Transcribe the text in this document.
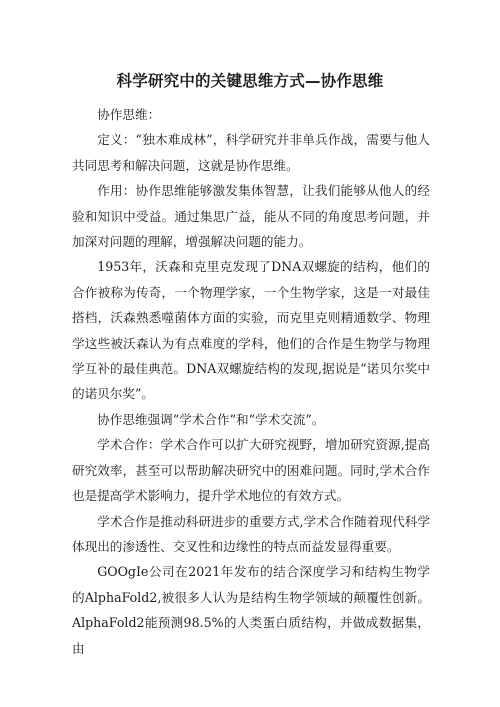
科学研究中的关键思维方式—协作思维

协作思维：

定义：“独木难成林”，科学研究并非单兵作战，需要与他人共同思考和解决问题，这就是协作思维。

作用：协作思维能够激发集体智慧，让我们能够从他人的经验和知识中受益。通过集思广益，能从不同的角度思考问题，并加深对问题的理解，增强解决问题的能力。

1953年，沃森和克里克发现了DNA双螺旋的结构，他们的合作被称为传奇，一个物理学家，一个生物学家，这是一对最佳搭档，沃森熟悉噬菌体方面的实验，而克里克则精通数学、物理学这些被沃森认为有点难度的学科，他们的合作是生物学与物理学互补的最佳典范。DNA双螺旋结构的发现,据说是“诺贝尔奖中的诺贝尔奖”。

协作思维强调“学术合作”和“学术交流”。

学术合作：学术合作可以扩大研究视野，增加研究资源,提高研究效率，甚至可以帮助解决研究中的困难问题。同时,学术合作也是提高学术影响力，提升学术地位的有效方式。

学术合作是推动科研进步的重要方式,学术合作随着现代科学体现出的渗透性、交叉性和边缘性的特点而益发显得重要。

GOOgIe公司在2021年发布的结合深度学习和结构生物学的AlphaFold2,被很多人认为是结构生物学领域的颠覆性创新。AlphaFold2能预测98.5%的人类蛋白质结构，并做成数据集，由
